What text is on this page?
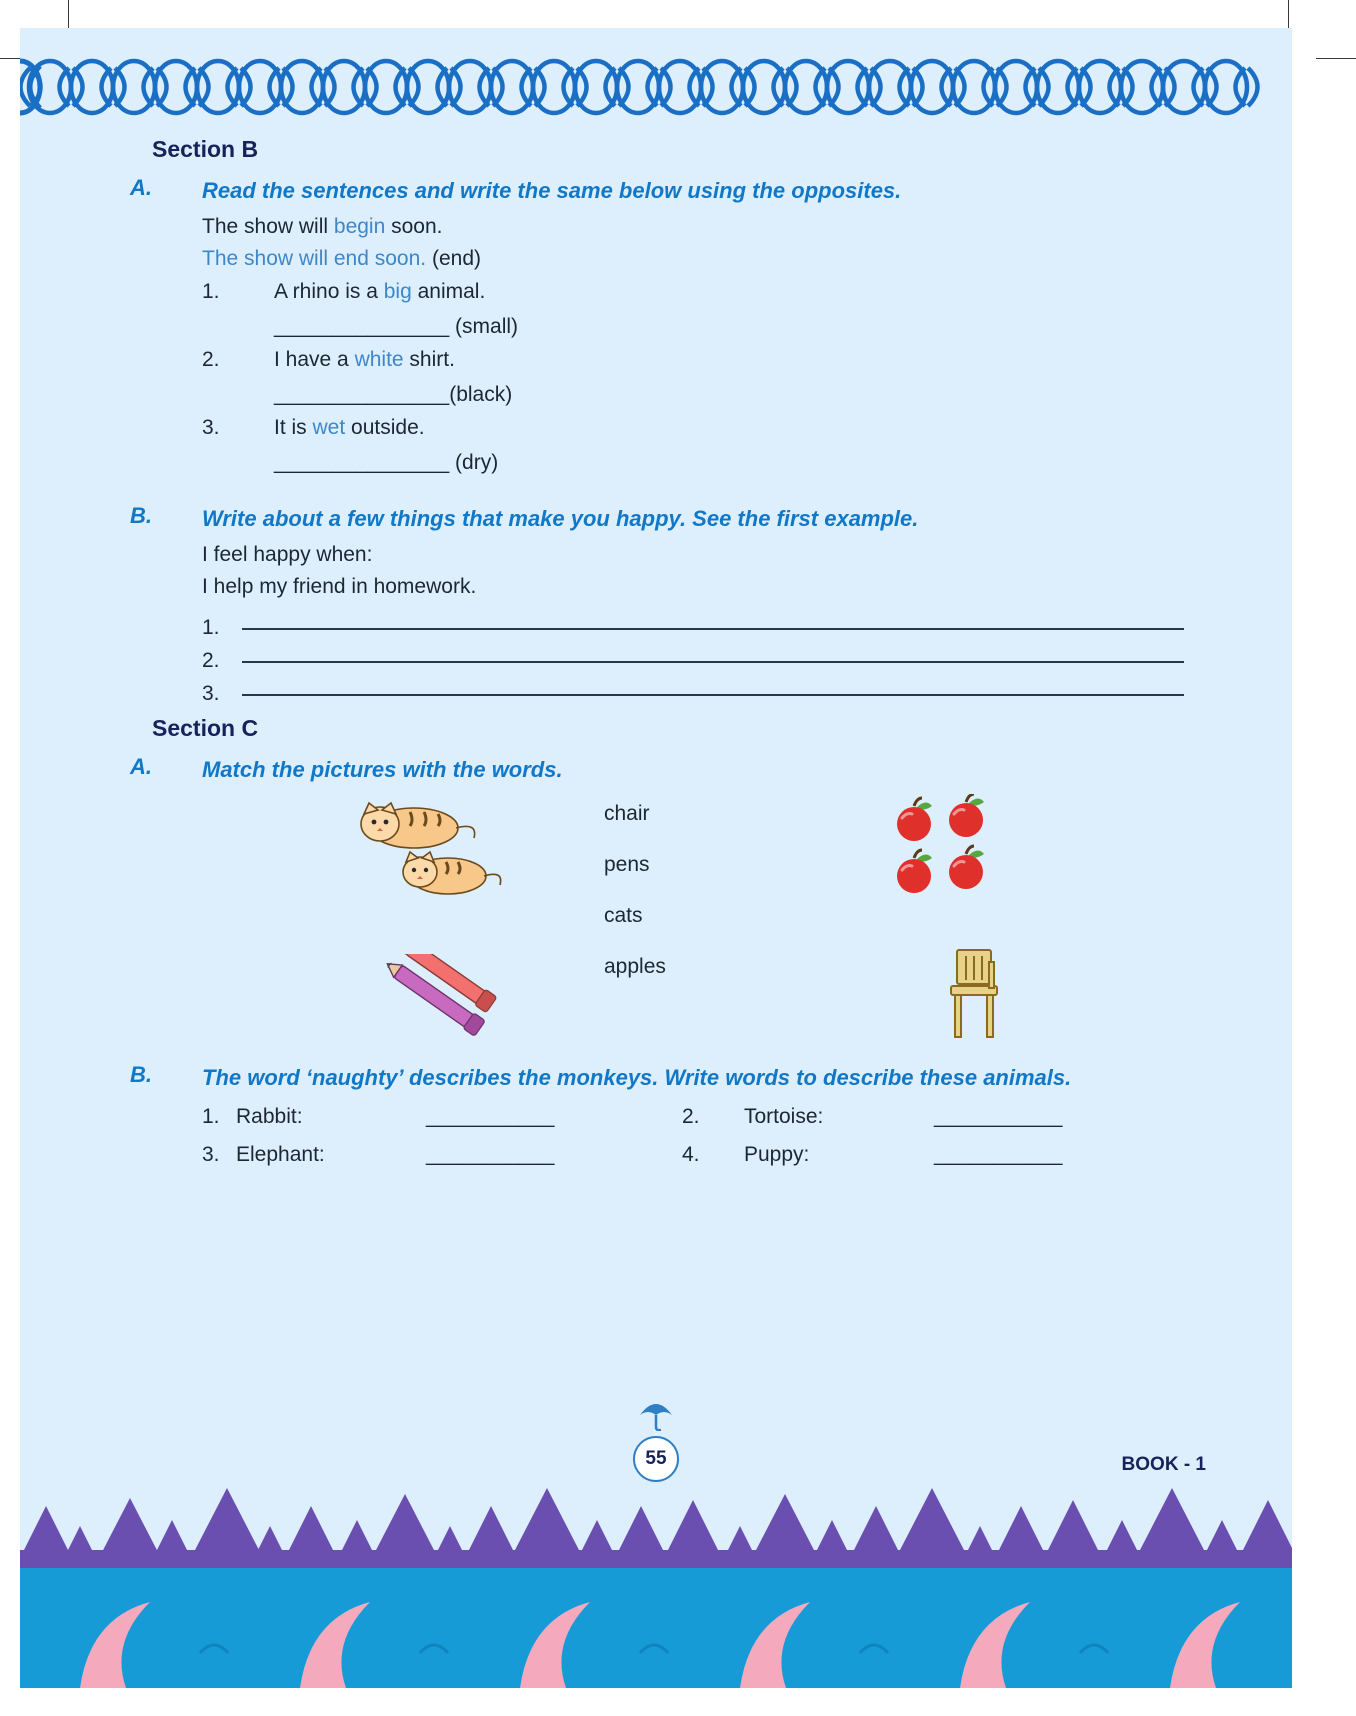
Section B
A.	Read the sentences and write the same below using the opposites.
The show will begin soon.
The show will end soon. (end)
1.	A rhino is a big animal.
_______________ (small)
2.	I have a white shirt.
_______________(black)
3.	It is wet outside.
_______________ (dry)
B.	Write about a few things that make you happy. See the first example.
I feel happy when:
I help my friend in homework.
1.
2.
3.
Section C
A.	Match the pictures with the words.
chair
pens
cats
apples
B.	The word ‘naughty’ describes the monkeys. Write words to describe these animals.
1. Rabbit:	___________	2.	Tortoise:	___________
3. Elephant:	___________	4.	Puppy:	___________
55	BOOK - 1
